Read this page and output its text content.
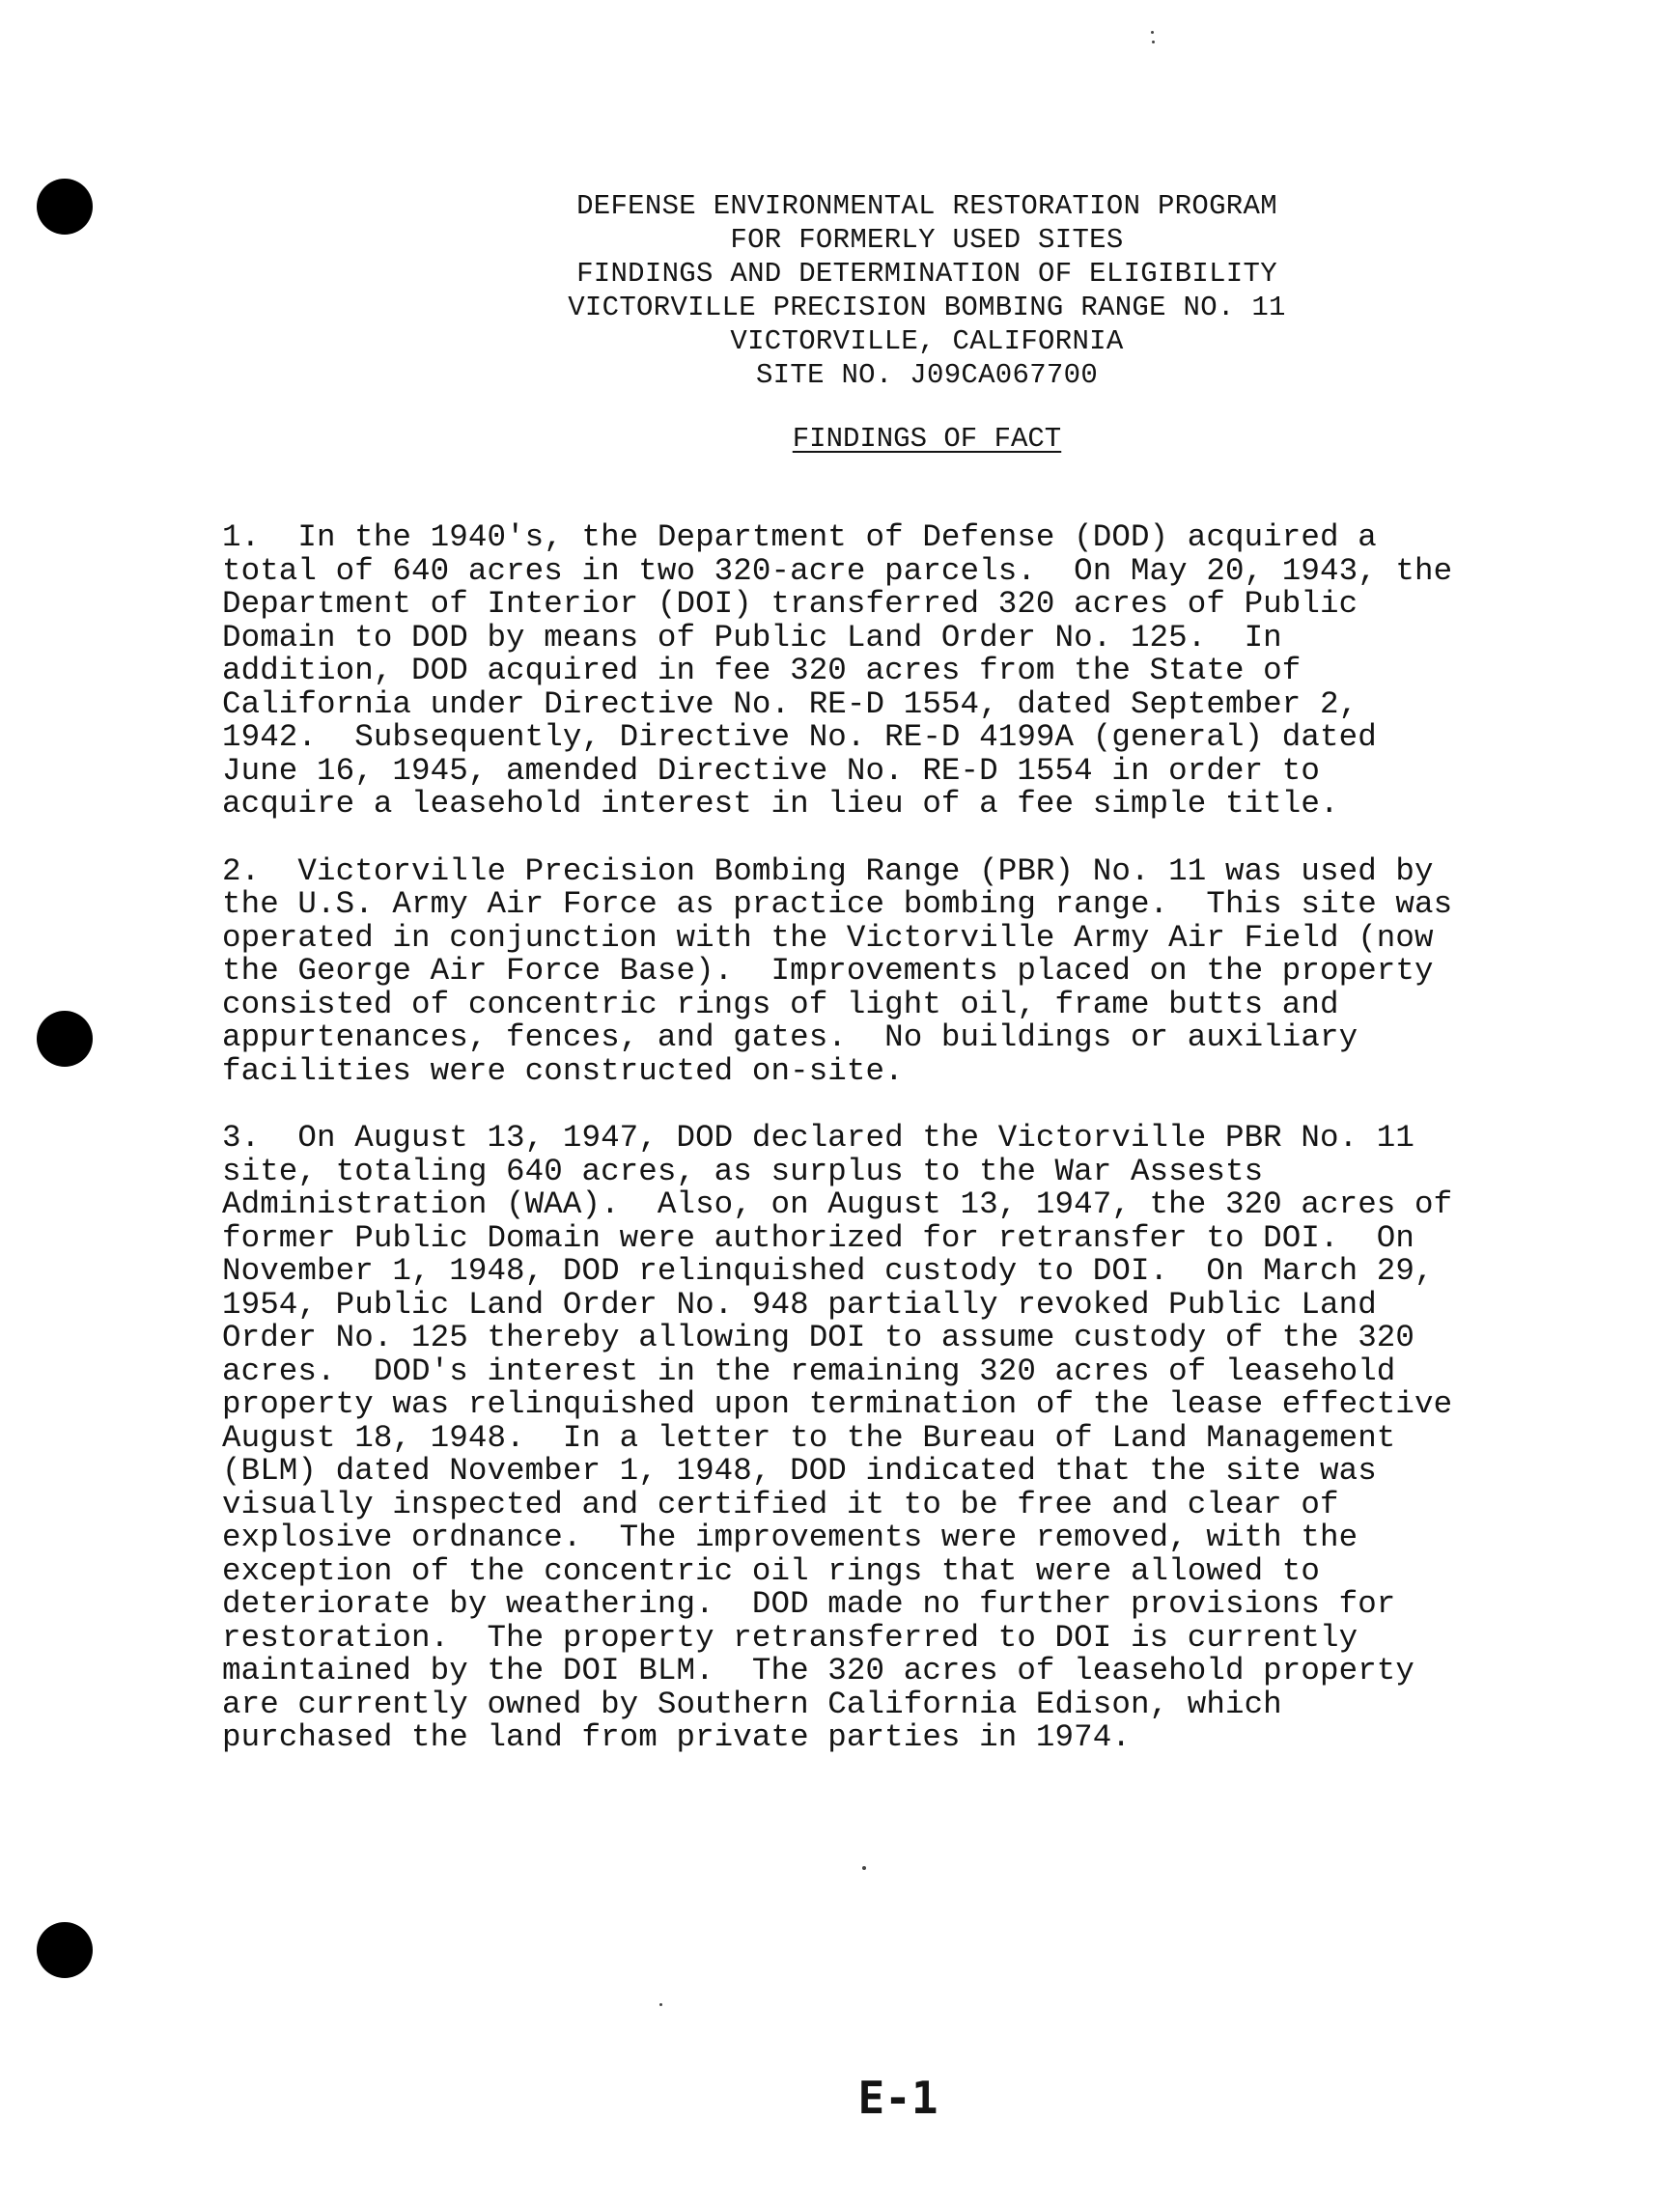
DEFENSE ENVIRONMENTAL RESTORATION PROGRAM
FOR FORMERLY USED SITES
FINDINGS AND DETERMINATION OF ELIGIBILITY
VICTORVILLE PRECISION BOMBING RANGE NO. 11
VICTORVILLE, CALIFORNIA
SITE NO. J09CA067700
FINDINGS OF FACT
1.  In the 1940's, the Department of Defense (DOD) acquired a
total of 640 acres in two 320-acre parcels.  On May 20, 1943, the
Department of Interior (DOI) transferred 320 acres of Public
Domain to DOD by means of Public Land Order No. 125.  In
addition, DOD acquired in fee 320 acres from the State of
California under Directive No. RE-D 1554, dated September 2,
1942.  Subsequently, Directive No. RE-D 4199A (general) dated
June 16, 1945, amended Directive No. RE-D 1554 in order to
acquire a leasehold interest in lieu of a fee simple title.
2.  Victorville Precision Bombing Range (PBR) No. 11 was used by
the U.S. Army Air Force as practice bombing range.  This site was
operated in conjunction with the Victorville Army Air Field (now
the George Air Force Base).  Improvements placed on the property
consisted of concentric rings of light oil, frame butts and
appurtenances, fences, and gates.  No buildings or auxiliary
facilities were constructed on-site.
3.  On August 13, 1947, DOD declared the Victorville PBR No. 11
site, totaling 640 acres, as surplus to the War Assests
Administration (WAA).  Also, on August 13, 1947, the 320 acres of
former Public Domain were authorized for retransfer to DOI.  On
November 1, 1948, DOD relinquished custody to DOI.  On March 29,
1954, Public Land Order No. 948 partially revoked Public Land
Order No. 125 thereby allowing DOI to assume custody of the 320
acres.  DOD's interest in the remaining 320 acres of leasehold
property was relinquished upon termination of the lease effective
August 18, 1948.  In a letter to the Bureau of Land Management
(BLM) dated November 1, 1948, DOD indicated that the site was
visually inspected and certified it to be free and clear of
explosive ordnance.  The improvements were removed, with the
exception of the concentric oil rings that were allowed to
deteriorate by weathering.  DOD made no further provisions for
restoration.  The property retransferred to DOI is currently
maintained by the DOI BLM.  The 320 acres of leasehold property
are currently owned by Southern California Edison, which
purchased the land from private parties in 1974.
E-1
